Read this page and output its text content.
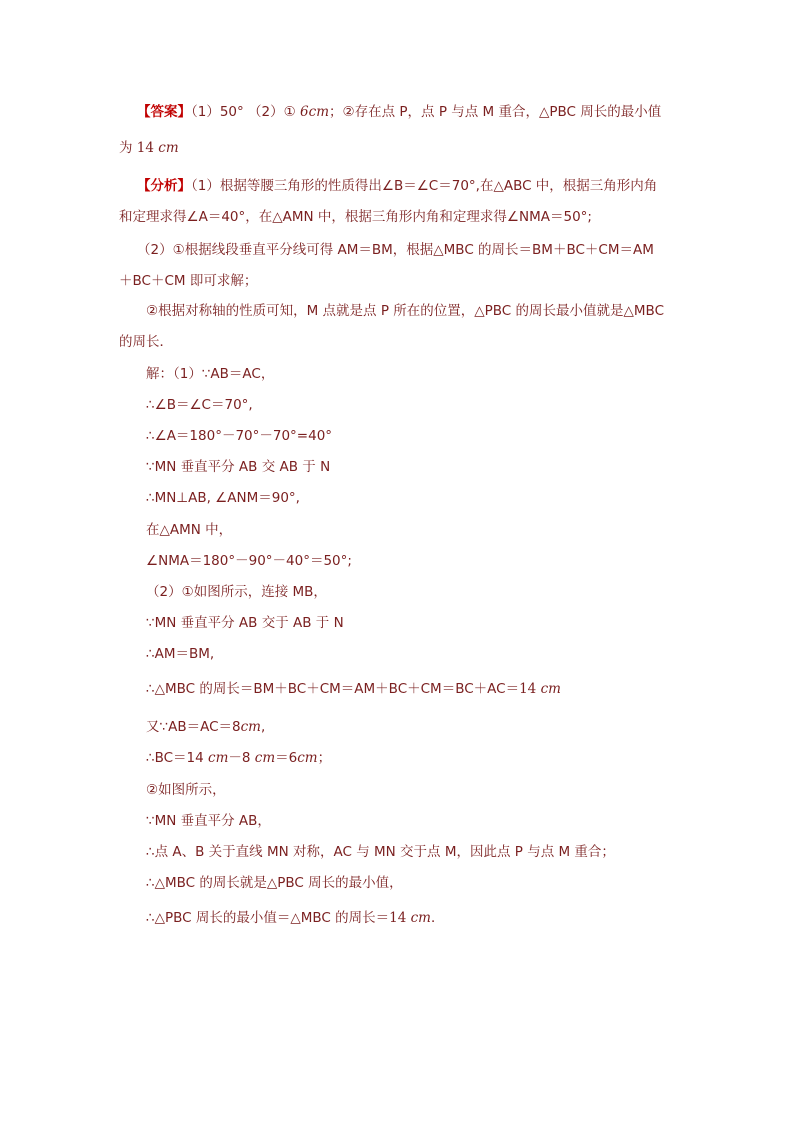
【答案】（1）50° （2）① 6cm；②存在点 P，点 P 与点 M 重合，△PBC 周长的最小值
为 14 cm
【分析】（1）根据等腰三角形的性质得出∠B＝∠C＝70°,在△ABC 中，根据三角形内角
和定理求得∠A＝40°，在△AMN 中，根据三角形内角和定理求得∠NMA＝50°;
（2）①根据线段垂直平分线可得 AM＝BM，根据△MBC 的周长＝BM＋BC＋CM＝AM
＋BC＋CM 即可求解；
②根据对称轴的性质可知，M 点就是点 P 所在的位置，△PBC 的周长最小值就是△MBC
的周长．
解：（1）∵AB＝AC，
∴∠B＝∠C＝70°,
∴∠A＝180°－70°－70°=40°
∵MN 垂直平分 AB 交 AB 于 N
∴MN⊥AB, ∠ANM＝90°,
在△AMN 中，
∠NMA＝180°－90°－40°＝50°;
（2）①如图所示，连接 MB，
∵MN 垂直平分 AB 交于 AB 于 N
∴AM＝BM,
∴△MBC 的周长＝BM＋BC＋CM＝AM＋BC＋CM＝BC＋AC＝14 cm
又∵AB＝AC＝8cm,
∴BC＝14 cm－8 cm＝6cm；
②如图所示，
∵MN 垂直平分 AB，
∴点 A、B 关于直线 MN 对称，AC 与 MN 交于点 M，因此点 P 与点 M 重合；
∴△MBC 的周长就是△PBC 周长的最小值，
∴△PBC 周长的最小值＝△MBC 的周长＝14 cm．
